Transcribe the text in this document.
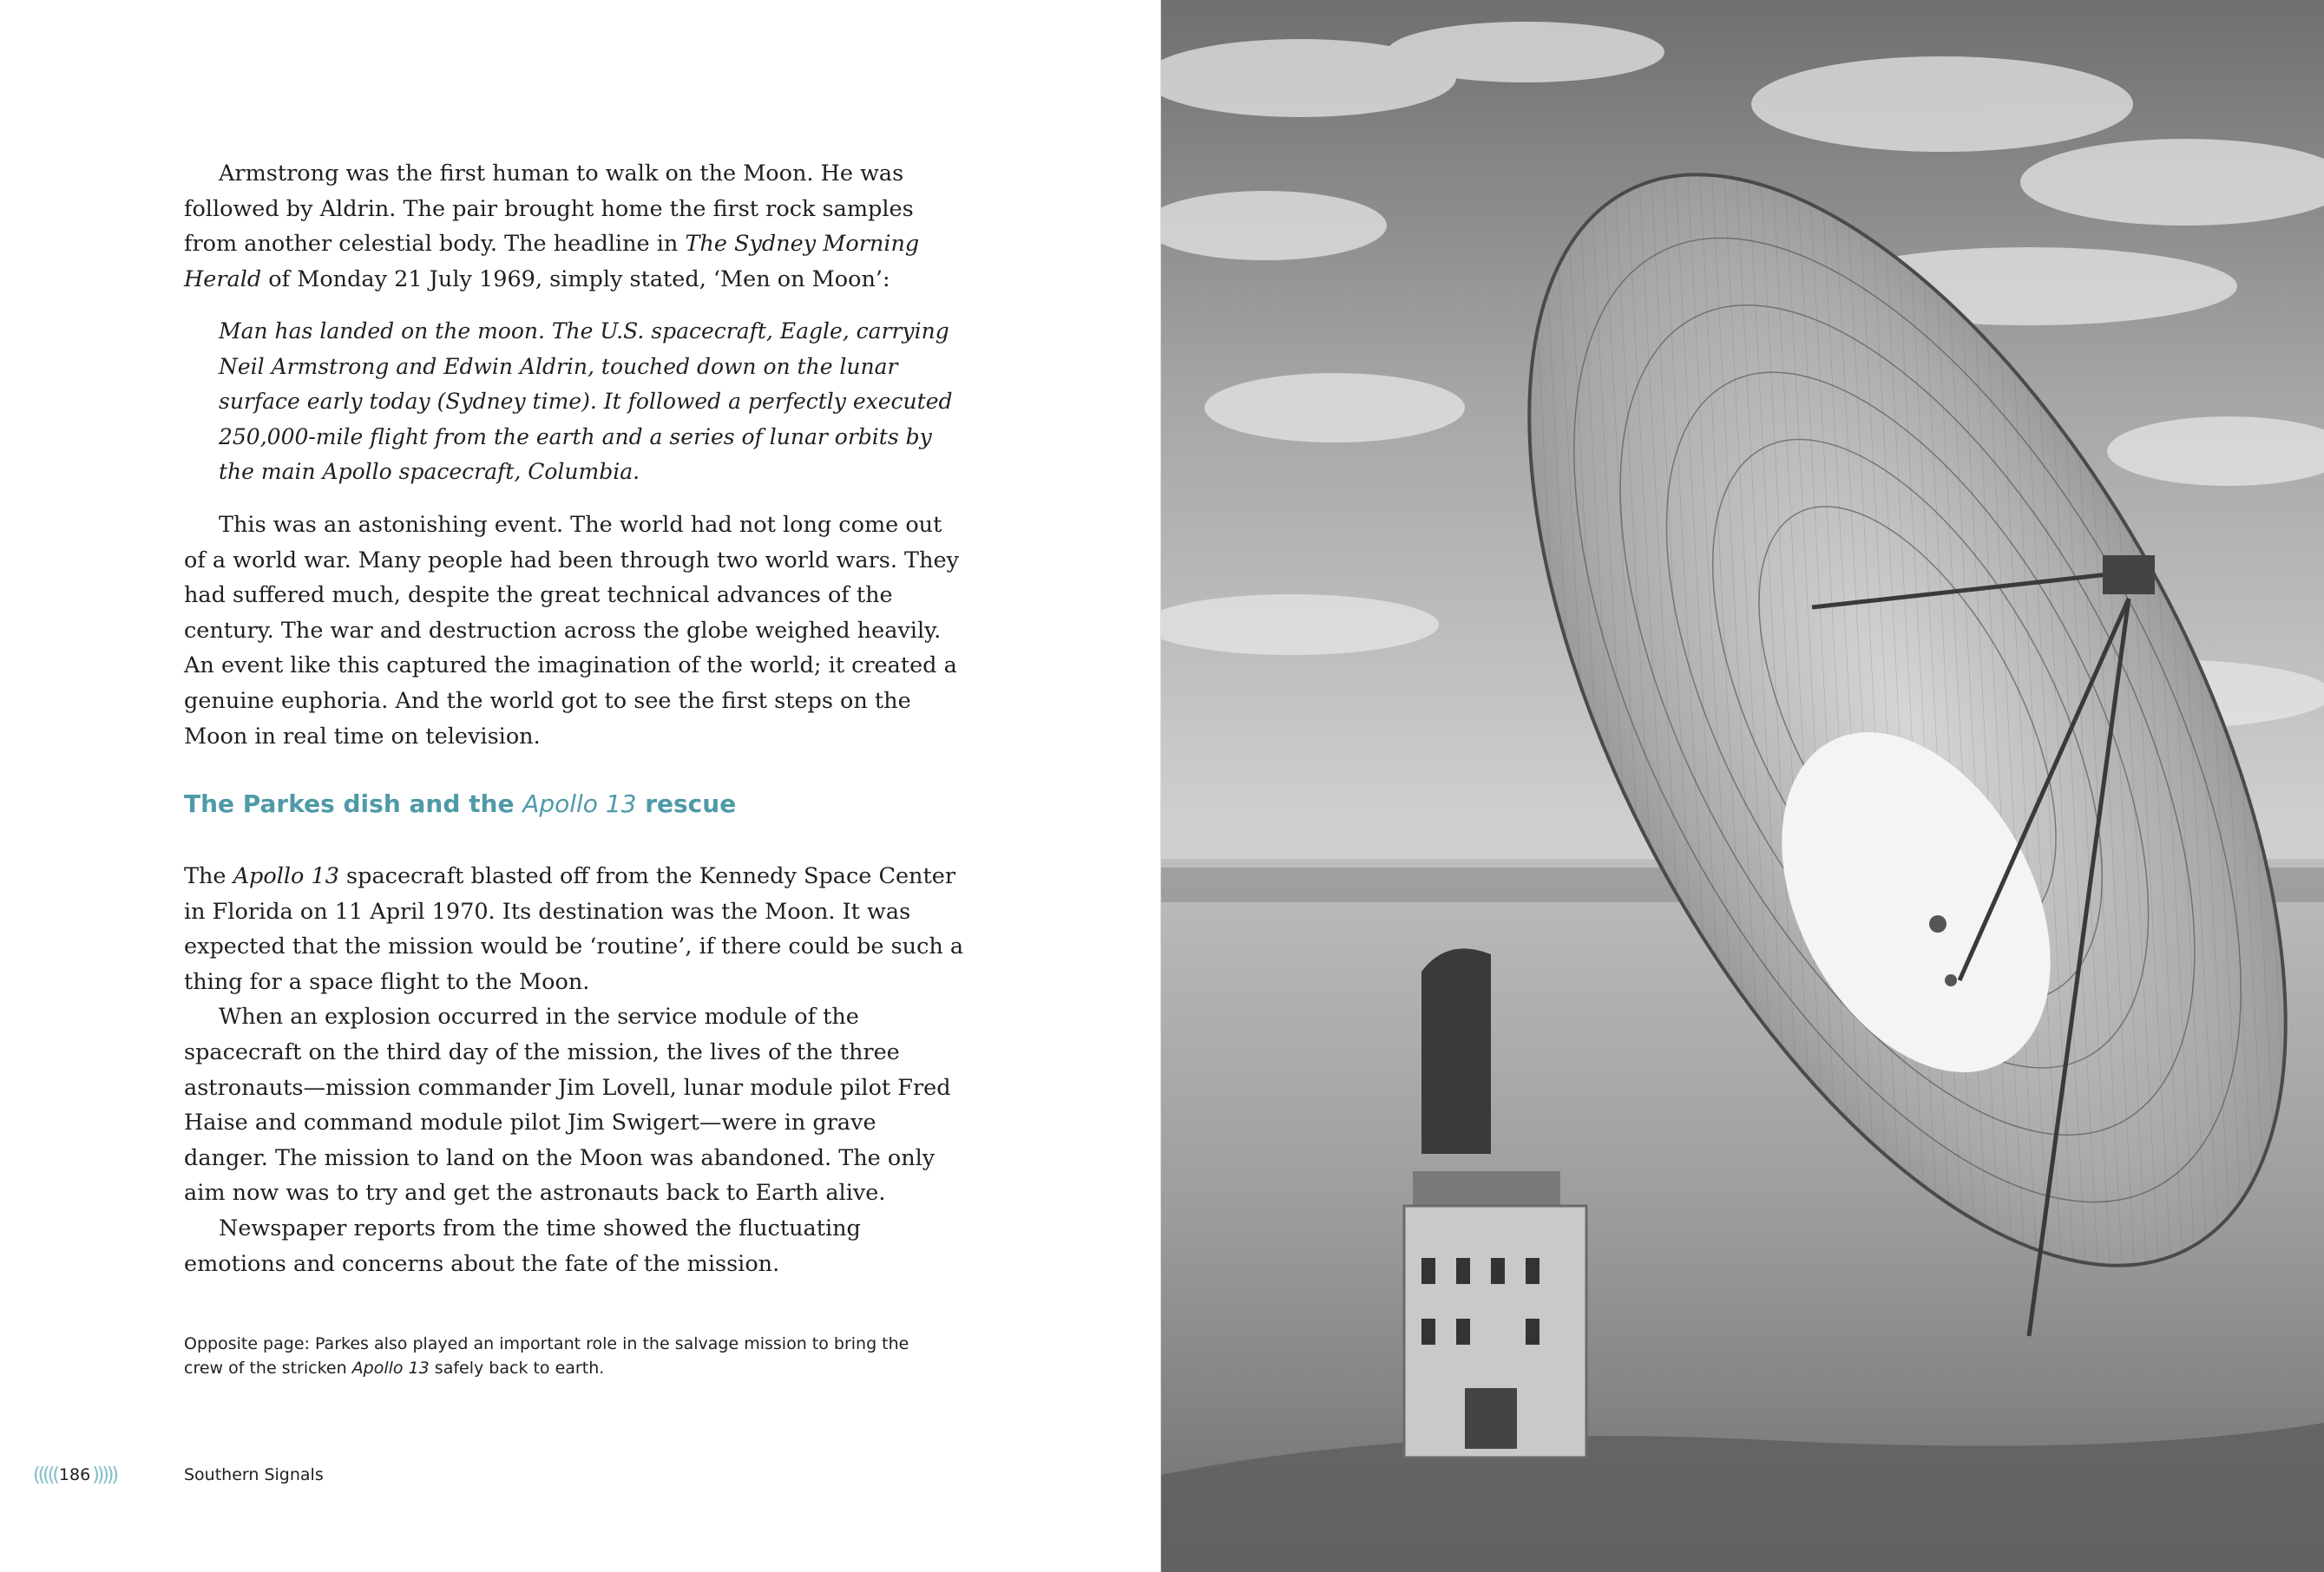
Armstrong was the first human to walk on the Moon. He was followed by Aldrin. The pair brought home the first rock samples from another celestial body. The headline in The Sydney Morning Herald of Monday 21 July 1969, simply stated, ‘Men on Moon’:

Man has landed on the moon. The U.S. spacecraft, Eagle, carrying Neil Armstrong and Edwin Aldrin, touched down on the lunar surface early today (Sydney time). It followed a perfectly executed 250,000-mile flight from the earth and a series of lunar orbits by the main Apollo spacecraft, Columbia.

This was an astonishing event. The world had not long come out of a world war. Many people had been through two world wars. They had suffered much, despite the great technical advances of the century. The war and destruction across the globe weighed heavily. An event like this captured the imagination of the world; it created a genuine euphoria. And the world got to see the first steps on the Moon in real time on television.

The Parkes dish and the Apollo 13 rescue

The Apollo 13 spacecraft blasted off from the Kennedy Space Center in Florida on 11 April 1970. Its destination was the Moon. It was expected that the mission would be ‘routine’, if there could be such a thing for a space flight to the Moon.

When an explosion occurred in the service module of the spacecraft on the third day of the mission, the lives of the three astronauts—mission commander Jim Lovell, lunar module pilot Fred Haise and command module pilot Jim Swigert—were in grave danger. The mission to land on the Moon was abandoned. The only aim now was to try and get the astronauts back to Earth alive.

Newspaper reports from the time showed the fluctuating emotions and concerns about the fate of the mission.

Opposite page: Parkes also played an important role in the salvage mission to bring the crew of the stricken Apollo 13 safely back to earth.

((((( 186 )))))	Southern Signals
